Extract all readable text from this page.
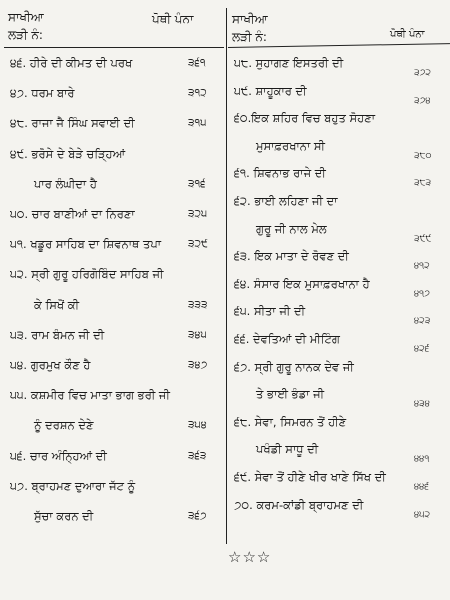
ਸਾਖੀਆ
ਲੜੀ ਨੰ:
ਪੋਥੀ ਪੰਨਾ	ਸਾਖੀਆ
ਲੜੀ ਨੰ:	ਪੋਥੀ ਪੰਨਾ
੪੬. ਹੀਰੇ ਦੀ ਕੀਮਤ ਦੀ ਪਰਖ	੩੬੧
੪੭. ਧਰਮ ਬਾਰੇ	੩੧੨
੪੮. ਰਾਜਾ ਜੈ ਸਿੰਘ ਸਵਾਈ ਦੀ	੩੧੫
੪੯. ਭਰੋਸੇ ਦੇ ਬੇੜੇ ਚੜ੍ਹਿਆਂ
ਪਾਰ ਲੰਘੀਦਾ ਹੈ	੩੧੬
੫੦. ਚਾਰ ਬਾਣੀਆਂ ਦਾ ਨਿਰਣਾ	੩੨੫
੫੧. ਖਡੂਰ ਸਾਹਿਬ ਦਾ ਸ਼ਿਵਨਾਥ ਤਪਾ	੩੨੯
੫੨. ਸ੍ਰੀ ਗੁਰੂ ਹਰਿਗੋਬਿੰਦ ਸਾਹਿਬ ਜੀ
ਕੇ ਸਿਖੋਂ ਕੀ	੩੩੩
੫੩. ਰਾਮ ਬੰਮਨ ਜੀ ਦੀ	੩੪੫
੫੪. ਗੁਰਮੁਖ ਕੌਣ ਹੈ	੩੪੭
੫੫. ਕਸ਼ਮੀਰ ਵਿਚ ਮਾਤਾ ਭਾਗ ਭਰੀ ਜੀ
ਨੂੰ ਦਰਸ਼ਨ ਦੇਣੇ	੩੫੪
੫੬. ਚਾਰ ਅੰਨ੍ਹਿਆਂ ਦੀ	੩੬੩
੫੭. ਬ੍ਰਾਹਮਣ ਦੁਆਰਾ ਜੱਟ ਨੂੰ
ਸੁੱਚਾ ਕਰਨ ਦੀ	੩੬੭
੫੮. ਸੁਹਾਗਣ ਇਸਤਰੀ ਦੀ
੩੭੨
੫੯. ਸ਼ਾਹੂਕਾਰ ਦੀ
੩੭੪
੬੦.ਇਕ ਸ਼ਹਿਰ ਵਿਚ ਬਹੁਤ ਸੋਹਣਾ
ਮੁਸਾਫ਼ਰਖਾਨਾ ਸੀ
੩੮੦
੬੧. ਸ਼ਿਵਨਾਭ ਰਾਜੇ ਦੀ
੩੮੩
੬੨. ਭਾਈ ਲਹਿਣਾ ਜੀ ਦਾ
ਗੁਰੂ ਜੀ ਨਾਲ ਮੇਲ
੩੯੯
੬੩. ਇਕ ਮਾਤਾ ਦੇ ਰੋਵਣ ਦੀ
੪੧੨
੬੪. ਸੰਸਾਰ ਇਕ ਮੁਸਾਫ਼ਰਖਾਨਾ ਹੈ
੪੧੭
੬੫. ਸੀਤਾ ਜੀ ਦੀ
੪੨੩
੬੬. ਦੇਵਤਿਆਂ ਦੀ ਮੀਟਿੰਗ
੪੨੬
੬੭. ਸ੍ਰੀ ਗੁਰੂ ਨਾਨਕ ਦੇਵ ਜੀ
ਤੇ ਭਾਈ ਭੰਡਾ ਜੀ
੪੩੪
੬੮. ਸੇਵਾ, ਸਿਮਰਨ ਤੋਂ ਹੀਣੇ
ਪਖੰਡੀ ਸਾਧੂ ਦੀ
੪੪੧
੬੯. ਸੇਵਾ ਤੋਂ ਹੀਣੇ ਖੀਰ ਖਾਣੇ ਸਿੱਖ ਦੀ
੪੪੬
੭੦. ਕਰਮ-ਕਾਂਡੀ ਬ੍ਰਾਹਮਣ ਦੀ
੪੫੨
☆☆☆
